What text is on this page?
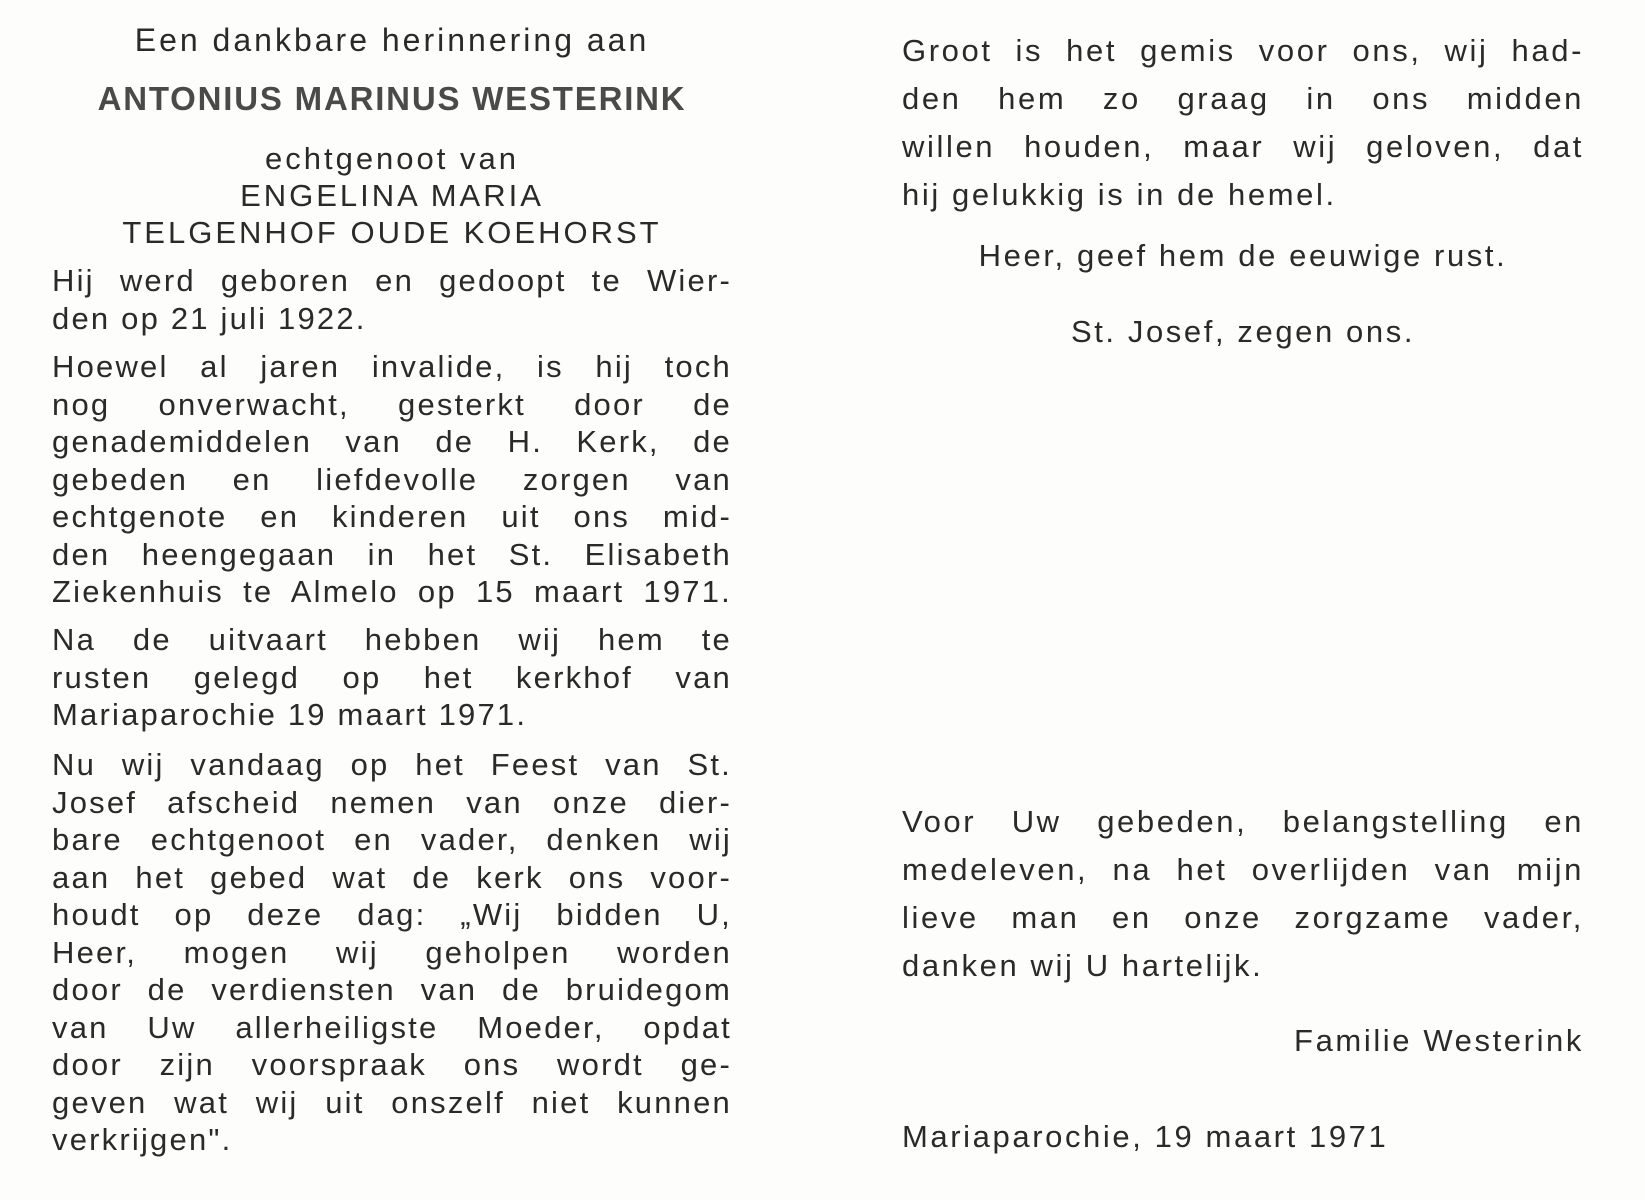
Een dankbare herinnering aan

ANTONIUS MARINUS WESTERINK

echtgenoot van

ENGELINA MARIA

TELGENHOF OUDE KOEHORST

Hij werd geboren en gedoopt te Wier-

den op 21 juli 1922.

Hoewel al jaren invalide, is hij toch

nog onverwacht, gesterkt door de

genademiddelen van de H. Kerk, de

gebeden en liefdevolle zorgen van

echtgenote en kinderen uit ons mid-

den heengegaan in het St. Elisabeth

Ziekenhuis te Almelo op 15 maart 1971.

Na de uitvaart hebben wij hem te

rusten gelegd op het kerkhof van

Mariaparochie 19 maart 1971.

Nu wij vandaag op het Feest van St.

Josef afscheid nemen van onze dier-

bare echtgenoot en vader, denken wij

aan het gebed wat de kerk ons voor-

houdt op deze dag: „Wij bidden U,

Heer, mogen wij geholpen worden

door de verdiensten van de bruidegom

van Uw allerheiligste Moeder, opdat

door zijn voorspraak ons wordt ge-

geven wat wij uit onszelf niet kunnen

verkrijgen".

Groot is het gemis voor ons, wij had-

den hem zo graag in ons midden

willen houden, maar wij geloven, dat

hij gelukkig is in de hemel.

Heer, geef hem de eeuwige rust.

St. Josef, zegen ons.

Voor Uw gebeden, belangstelling en

medeleven, na het overlijden van mijn

lieve man en onze zorgzame vader,

danken wij U hartelijk.

Familie Westerink

Mariaparochie, 19 maart 1971
